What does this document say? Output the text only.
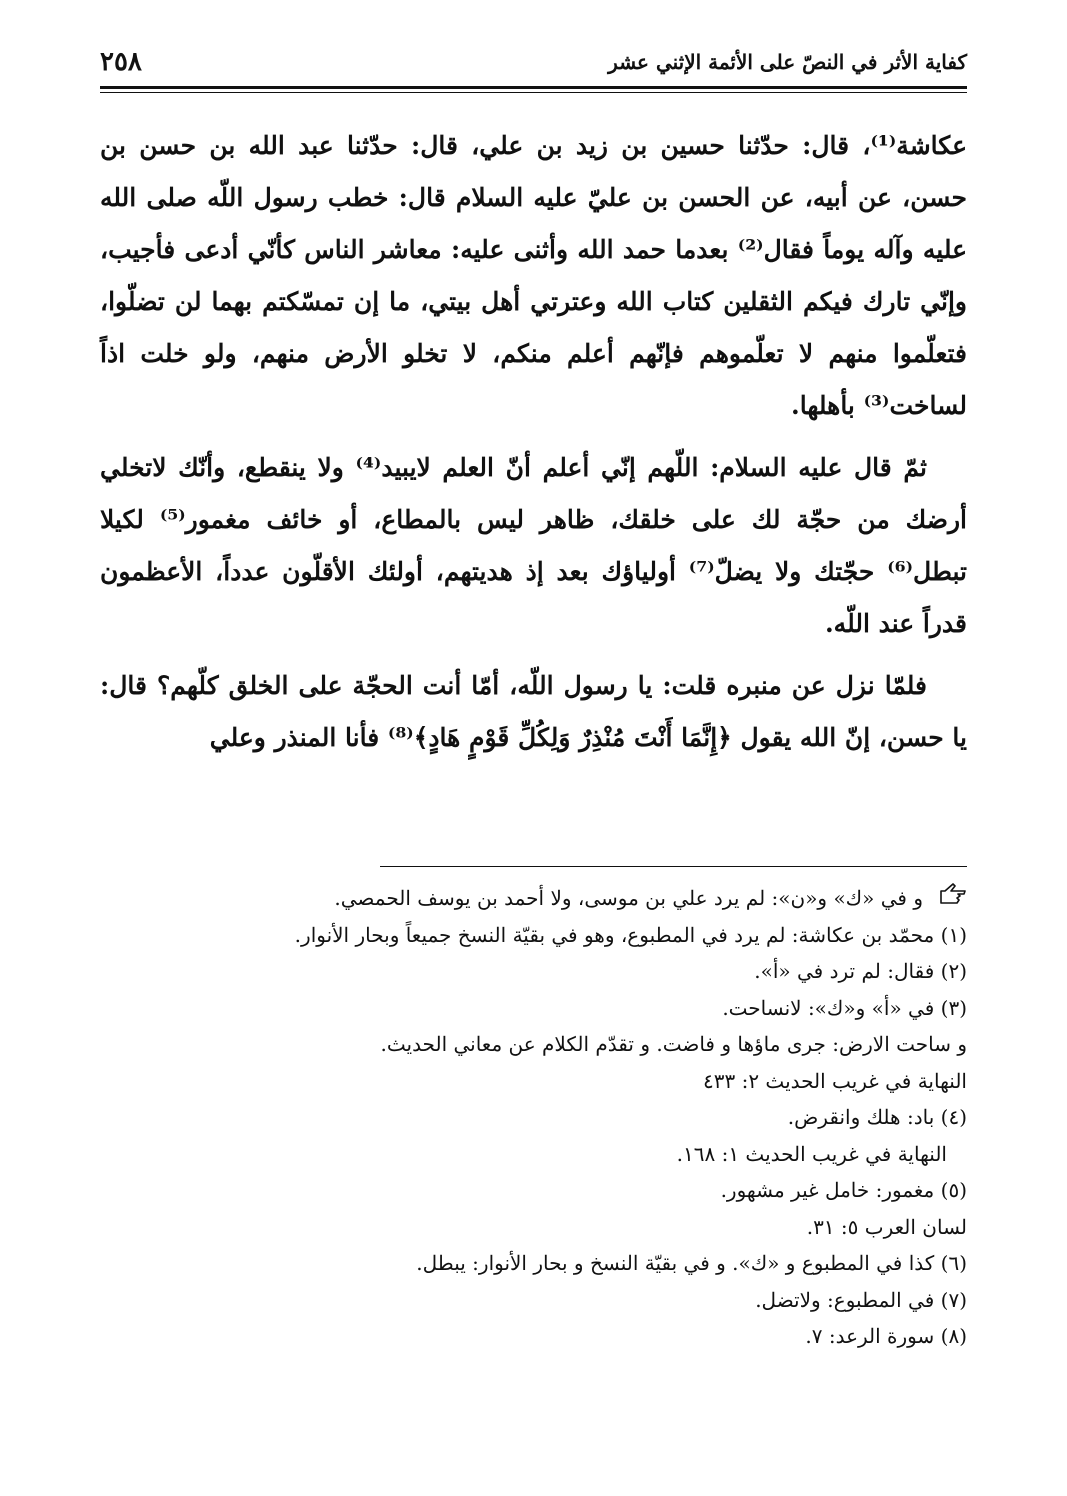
٢٥٨	كفاية الأثر في النصّ على الأئمة الإثني عشر

عكاشة⁽¹⁾، قال: حدّثنا حسين بن زيد بن علي، قال: حدّثنا عبد الله بن حسن بن حسن، عن أبيه، عن الحسن بن عليّ عليه السلام قال: خطب رسول اللّه صلى الله عليه وآله يوماً فقال⁽²⁾ بعدما حمد الله وأثنى عليه: معاشر الناس كأنّي أدعى فأجيب، وإنّي تارك فيكم الثقلين كتاب الله وعترتي أهل بيتي، ما إن تمسّكتم بهما لن تضلّوا، فتعلّموا منهم لا تعلّموهم فإنّهم أعلم منكم، لا تخلو الأرض منهم، ولو خلت اذاً لساخت⁽³⁾ بأهلها.

ثمّ قال عليه السلام: اللّهم إنّي أعلم أنّ العلم لايبيد⁽⁴⁾ ولا ينقطع، وأنّك لاتخلي أرضك من حجّة لك على خلقك، ظاهر ليس بالمطاع، أو خائف مغمور⁽⁵⁾ لكيلا تبطل⁽⁶⁾ حجّتك ولا يضلّ⁽⁷⁾ أولياؤك بعد إذ هديتهم، أولئك الأقلّون عدداً، الأعظمون قدراً عند اللّه.

فلمّا نزل عن منبره قلت: يا رسول اللّه، أمّا أنت الحجّة على الخلق كلّهم؟ قال: يا حسن، إنّ الله يقول ﴿إِنَّمَا أَنْتَ مُنْذِرٌ وَلِكُلِّ قَوْمٍ هَادٍ﴾⁽⁸⁾ فأنا المنذر وعلي

و في «ك» و«ن»: لم يرد علي بن موسى، ولا أحمد بن يوسف الحمصي.
(١) محمّد بن عكاشة: لم يرد في المطبوع، وهو في بقيّة النسخ جميعاً وبحار الأنوار.
(٢) فقال: لم ترد في «أ».
(٣) في «أ» و«ك»: لانساحت.
و ساحت الارض: جرى ماؤها و فاضت. و تقدّم الكلام عن معاني الحديث.
النهاية في غريب الحديث ٢: ٤٣٣
(٤) باد: هلك وانقرض.
النهاية في غريب الحديث ١: ١٦٨.
(٥) مغمور: خامل غير مشهور.
لسان العرب ٥: ٣١.
(٦) كذا في المطبوع و «ك». و في بقيّة النسخ و بحار الأنوار: يبطل.
(٧) في المطبوع: ولاتضل.
(٨) سورة الرعد: ٧.
